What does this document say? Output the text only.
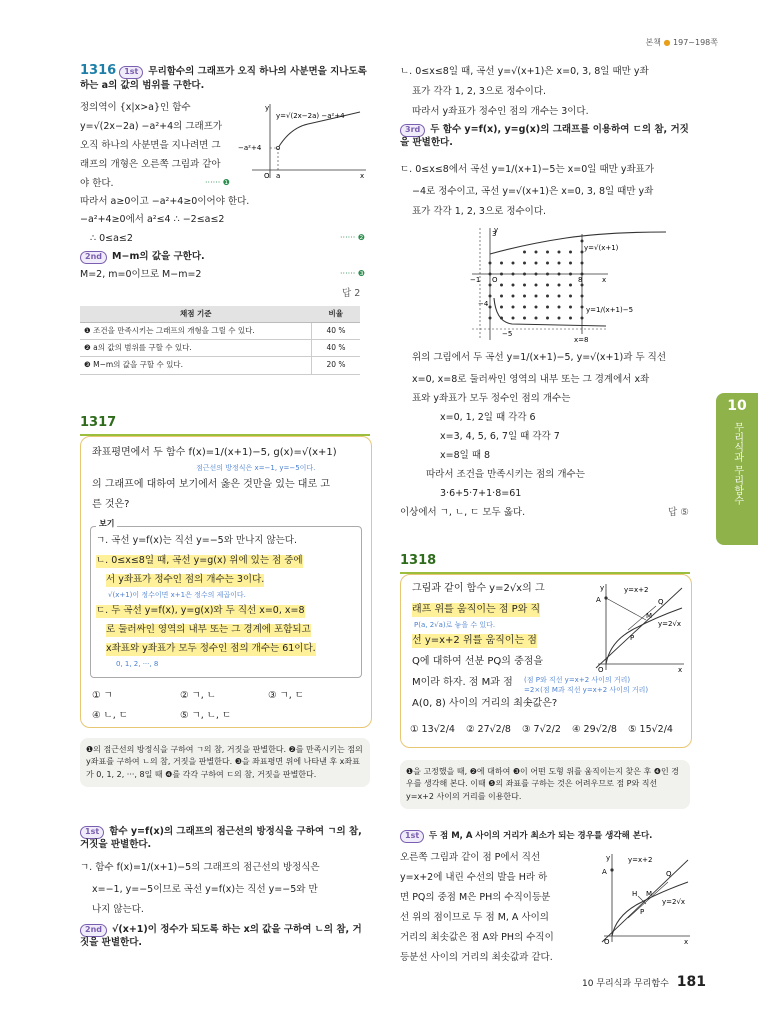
본책 ● 197~198쪽
1316 1st 무리함수의 그래프가 오직 하나의 사분면을 지나도록 하는 a의 값의 범위를 구한다.
정의역이 {x|x>a}인 함수
y=√(2x−2a) −a²+4의 그래프가
오직 하나의 사분면을 지나려면 그
래프의 개형은 오른쪽 그림과 같아
야 한다.	······ ❶
따라서 a≥0이고 −a²+4≥0이어야 한다.
−a²+4≥0에서 a²≤4 ∴ −2≤a≤2
∴ 0≤a≤2	······ ❷
2nd M−m의 값을 구한다.
M=2, m=0이므로 M−m=2	······ ❸
답 2
y
x
O a
−a²+4
y=√(2x−2a) −a²+4
채점 기준	비율
❶ 조건을 만족시키는 그래프의 개형을 그릴 수 있다.	40 %
❷ a의 값의 범위를 구할 수 있다.	40 %
❸ M−m의 값을 구할 수 있다.	20 %
1317
좌표평면에서 두 함수 f(x)=1/(x+1)−5, g(x)=√(x+1)
점근선의 방정식은 x=−1, y=−5이다.
의 그래프에 대하여 보기에서 옳은 것만을 있는 대로 고
른 것은?
보기
ㄱ. 곡선 y=f(x)는 직선 y=−5와 만나지 않는다.
ㄴ. 0≤x≤8일 때, 곡선 y=g(x) 위에 있는 점 중에
서 y좌표가 정수인 점의 개수는 3이다.
√(x+1)이 정수이면 x+1은 정수의 제곱이다.
ㄷ. 두 곡선 y=f(x), y=g(x)와 두 직선 x=0, x=8
로 둘러싸인 영역의 내부 또는 그 경계에 포함되고
x좌표와 y좌표가 모두 정수인 점의 개수는 61이다.
0, 1, 2, ···, 8
① ㄱ	② ㄱ, ㄴ	③ ㄱ, ㄷ
④ ㄴ, ㄷ	⑤ ㄱ, ㄴ, ㄷ
❶의 점근선의 방정식을 구하여 ㄱ의 참, 거짓을 판별한다. ❷를 만족시키는 점의 y좌표를 구하여 ㄴ의 참, 거짓을 판별한다. ❸을 좌표평면 위에 나타낸 후 x좌표가 0, 1, 2, ···, 8일 때 ❹를 각각 구하여 ㄷ의 참, 거짓을 판별한다.
1st 함수 y=f(x)의 그래프의 점근선의 방정식을 구하여 ㄱ의 참, 거짓을 판별한다.
ㄱ. 함수 f(x)=1/(x+1)−5의 그래프의 점근선의 방정식은
x=−1, y=−5이므로 곡선 y=f(x)는 직선 y=−5와 만
나지 않는다.
2nd √(x+1)이 정수가 되도록 하는 x의 값을 구하여 ㄴ의 참, 거짓을 판별한다.
ㄴ. 0≤x≤8일 때, 곡선 y=√(x+1)은 x=0, 3, 8일 때만 y좌
표가 각각 1, 2, 3으로 정수이다.
따라서 y좌표가 정수인 점의 개수는 3이다.
3rd 두 함수 y=f(x), y=g(x)의 그래프를 이용하여 ㄷ의 참, 거짓을 판별한다.
ㄷ. 0≤x≤8에서 곡선 y=1/(x+1)−5는 x=0일 때만 y좌표가
−4로 정수이고, 곡선 y=√(x+1)은 x=0, 3, 8일 때만 y좌
표가 각각 1, 2, 3으로 정수이다.
3
8
−1
−4
−5
x=8
O
y
x
y=√(x+1)
y=1/(x+1)−5
위의 그림에서 두 곡선 y=1/(x+1)−5, y=√(x+1)과 두 직선
x=0, x=8로 둘러싸인 영역의 내부 또는 그 경계에서 x좌
표와 y좌표가 모두 정수인 점의 개수는
x=0, 1, 2일 때 각각 6
x=3, 4, 5, 6, 7일 때 각각 7
x=8일 때 8
따라서 조건을 만족시키는 점의 개수는
3·6+5·7+1·8=61
이상에서 ㄱ, ㄴ, ㄷ 모두 옳다.	답 ⑤
1318
그림과 같이 함수 y=2√x의 그
래프 위를 움직이는 점 P와 직
P(a, 2√a)로 놓을 수 있다.
선 y=x+2 위를 움직이는 점
Q에 대하여 선분 PQ의 중점을
M이라 하자. 점 M과 점
A(0, 8) 사이의 거리의 최솟값은?
(점 P와 직선 y=x+2 사이의 거리)
=2×(점 M과 직선 y=x+2 사이의 거리)
A	Q
M
P
O	x
y	y=x+2
y=2√x
① 13√2/4 ② 27√2/8 ③ 7√2/2 ④ 29√2/8 ⑤ 15√2/4
❶을 고정했을 때, ❷에 대하여 ❸이 어떤 도형 위를 움직이는지 찾은 후 ❹인 경우를 생각해 본다. 이때 ❺의 좌표를 구하는 것은 어려우므로 점 P와 직선 y=x+2 사이의 거리를 이용한다.
1st 두 점 M, A 사이의 거리가 최소가 되는 경우를 생각해 본다.
오른쪽 그림과 같이 점 P에서 직선
y=x+2에 내린 수선의 발을 H라 하
면 PQ의 중점 M은 PH의 수직이등분
선 위의 점이므로 두 점 M, A 사이의
거리의 최솟값은 점 A와 PH의 수직이
등분선 사이의 거리의 최솟값과 같다.
A	Q
H M
P
O	x
y	y=x+2
y=2√x
10
무리식과 무리함수
10 무리식과 무리함수 181
